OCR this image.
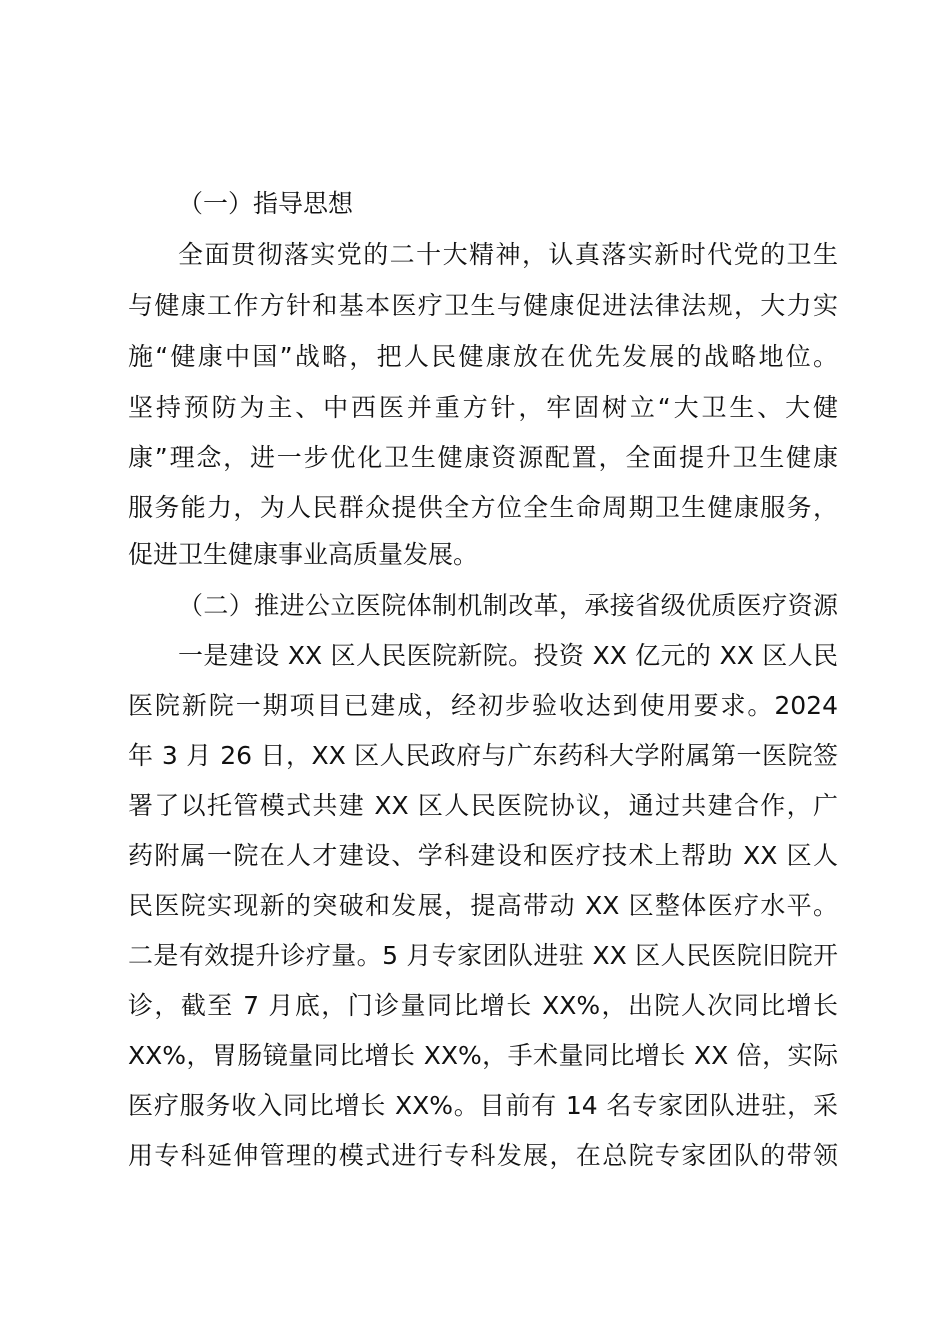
（一）指导思想
全面贯彻落实党的二十大精神，认真落实新时代党的卫生
与健康工作方针和基本医疗卫生与健康促进法律法规，大力实
施“健康中国”战略，把人民健康放在优先发展的战略地位。
坚持预防为主、中西医并重方针，牢固树立“大卫生、大健
康”理念，进一步优化卫生健康资源配置，全面提升卫生健康
服务能力，为人民群众提供全方位全生命周期卫生健康服务，
促进卫生健康事业高质量发展。
（二）推进公立医院体制机制改革，承接省级优质医疗资源
一是建设 XX 区人民医院新院。投资 XX 亿元的 XX 区人民
医院新院一期项目已建成，经初步验收达到使用要求。2024
年 3 月 26 日，XX 区人民政府与广东药科大学附属第一医院签
署了以托管模式共建 XX 区人民医院协议，通过共建合作，广
药附属一院在人才建设、学科建设和医疗技术上帮助 XX 区人
民医院实现新的突破和发展，提高带动 XX 区整体医疗水平。
二是有效提升诊疗量。5 月专家团队进驻 XX 区人民医院旧院开
诊，截至 7 月底，门诊量同比增长 XX%，出院人次同比增长
XX%，胃肠镜量同比增长 XX%，手术量同比增长 XX 倍，实际
医疗服务收入同比增长 XX%。目前有 14 名专家团队进驻，采
用专科延伸管理的模式进行专科发展，在总院专家团队的带领
